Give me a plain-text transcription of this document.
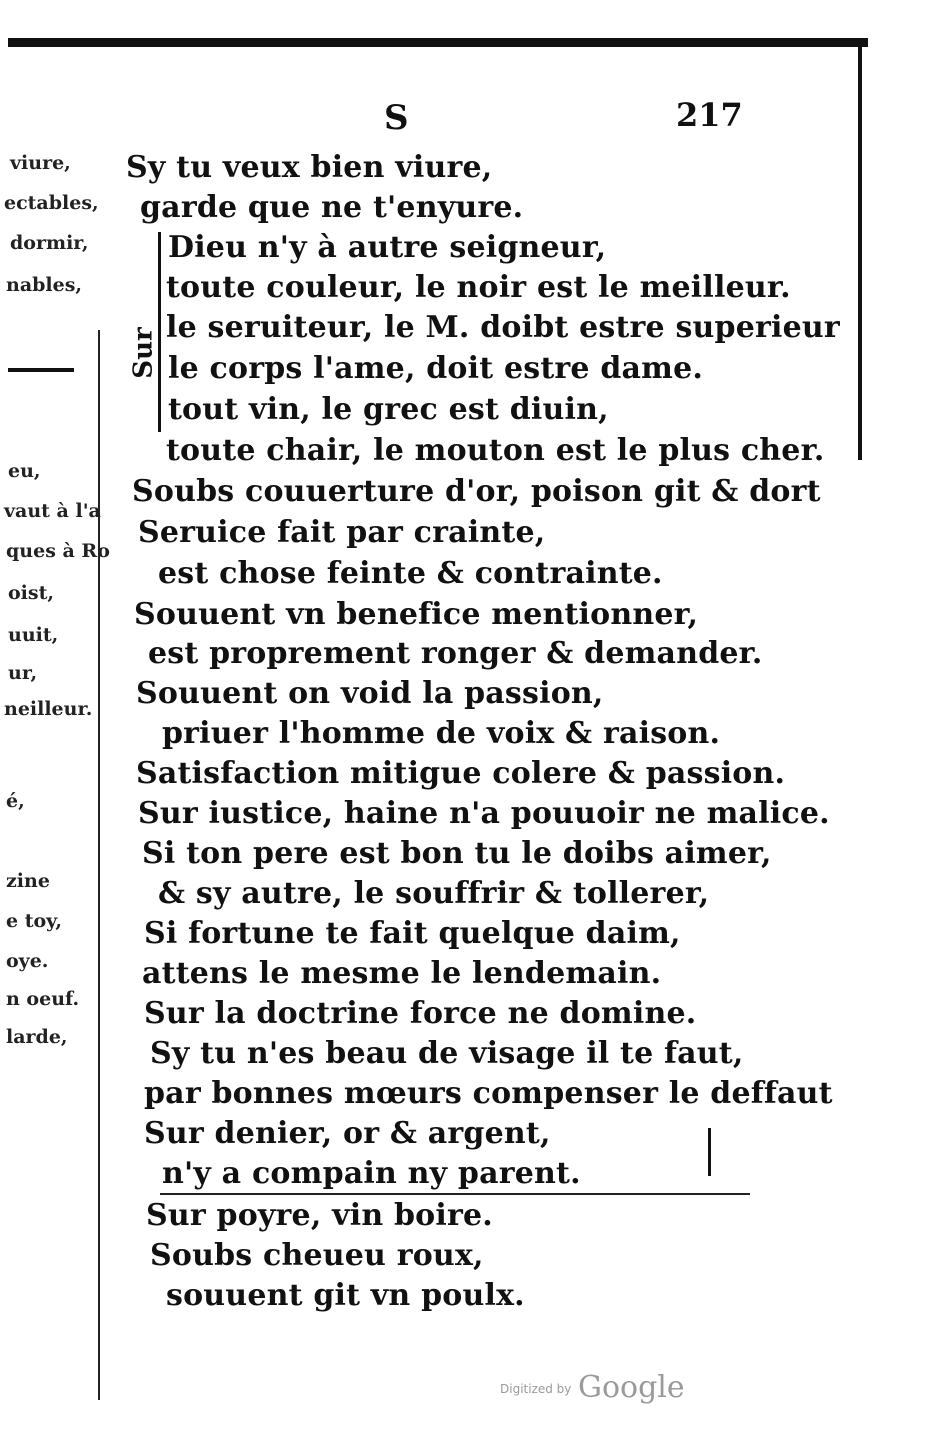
S	217
Sur
Sy tu veux bien viure,
garde que ne t'enyure.
Dieu n'y à autre seigneur,
toute couleur, le noir est le meilleur.
le seruiteur, le M. doibt estre superieur
le corps l'ame, doit estre dame.
tout vin, le grec est diuin,
toute chair, le mouton est le plus cher.
Soubs couuerture d'or, poison git & dort
Seruice fait par crainte,
est chose feinte & contrainte.
Souuent vn benefice mentionner,
est proprement ronger & demander.
Souuent on void la passion,
priuer l'homme de voix & raison.
Satisfaction mitigue colere & passion.
Sur iustice, haine n'a pouuoir ne malice.
Si ton pere est bon tu le doibs aimer,
& sy autre, le souffrir & tollerer,
Si fortune te fait quelque daim,
attens le mesme le lendemain.
Sur la doctrine force ne domine.
Sy tu n'es beau de visage il te faut,
par bonnes mœurs compenser le deffaut
Sur denier, or & argent,
n'y a compain ny parent.
Sur poyre, vin boire.
Soubs cheueu roux,
souuent git vn poulx.
viure,
ectables,
dormir,
nables,
eu,
vaut à l'a
ques à Ro
oist,
uuit,
ur,
neilleur.
é,
zine
e toy,
oye.
n oeuf.
larde,
Digitized by Google
